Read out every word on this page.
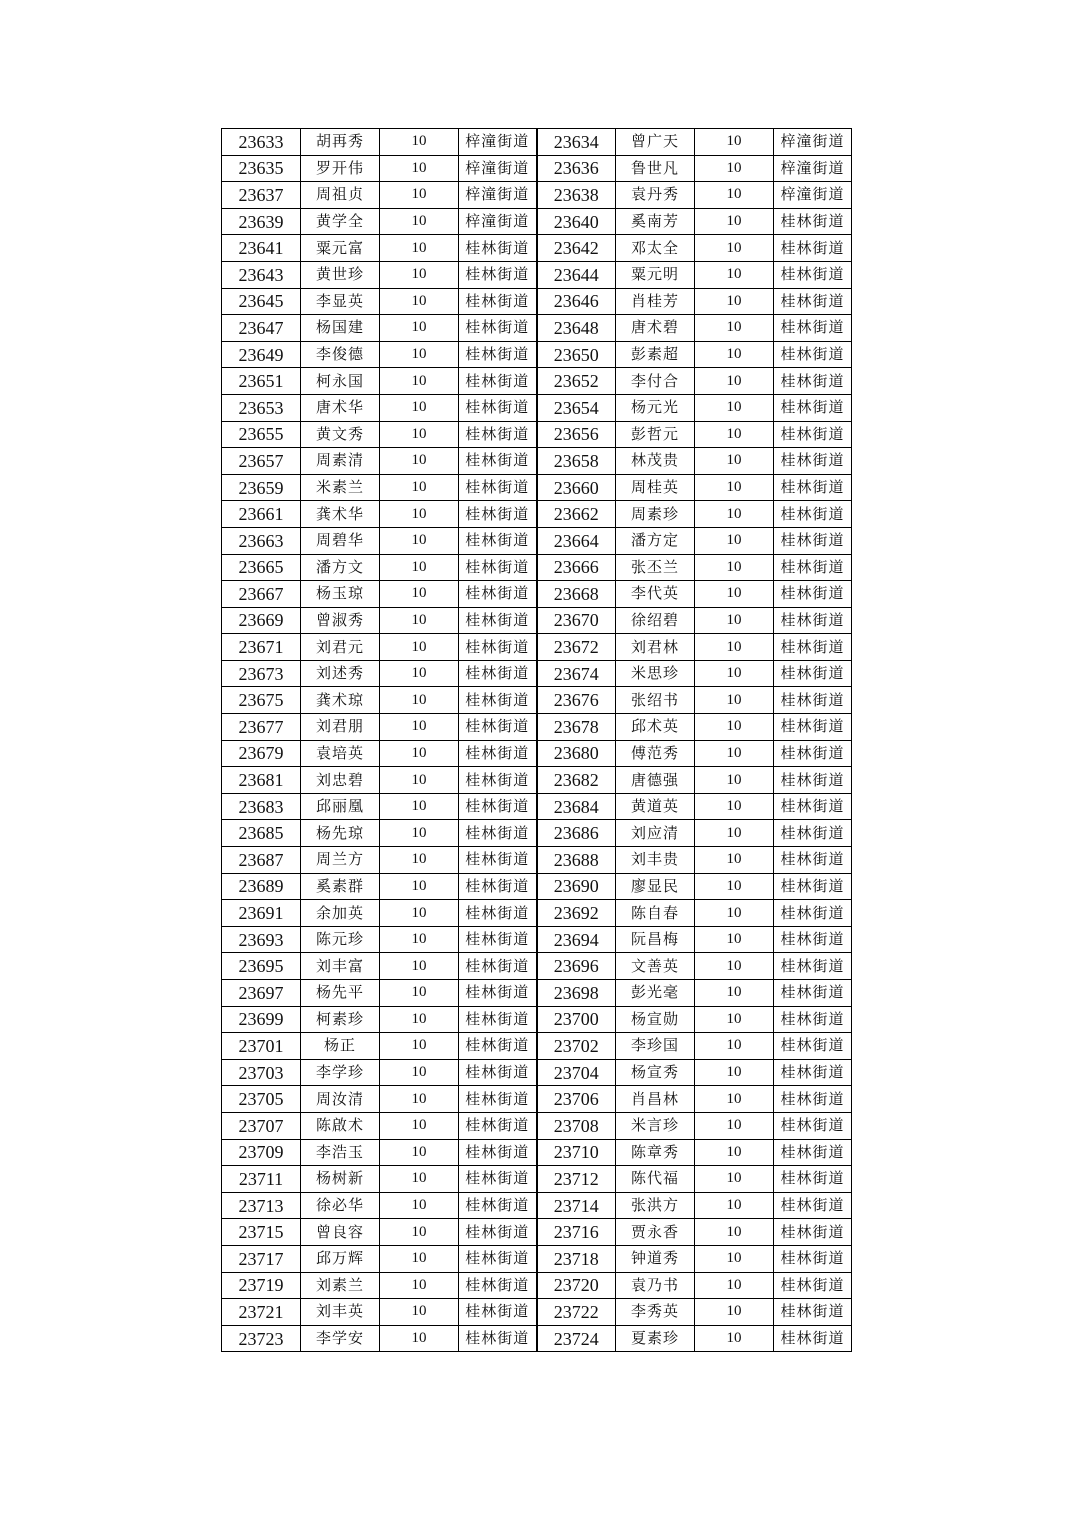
23633	胡再秀	10	梓潼街道	23634	曾广天	10	梓潼街道
23635	罗开伟	10	梓潼街道	23636	鲁世凡	10	梓潼街道
23637	周祖贞	10	梓潼街道	23638	袁丹秀	10	梓潼街道
23639	黄学全	10	梓潼街道	23640	奚南芳	10	桂林街道
23641	粟元富	10	桂林街道	23642	邓太全	10	桂林街道
23643	黄世珍	10	桂林街道	23644	粟元明	10	桂林街道
23645	李显英	10	桂林街道	23646	肖桂芳	10	桂林街道
23647	杨国建	10	桂林街道	23648	唐术碧	10	桂林街道
23649	李俊德	10	桂林街道	23650	彭素超	10	桂林街道
23651	柯永国	10	桂林街道	23652	李付合	10	桂林街道
23653	唐术华	10	桂林街道	23654	杨元光	10	桂林街道
23655	黄文秀	10	桂林街道	23656	彭哲元	10	桂林街道
23657	周素清	10	桂林街道	23658	林茂贵	10	桂林街道
23659	米素兰	10	桂林街道	23660	周桂英	10	桂林街道
23661	龚术华	10	桂林街道	23662	周素珍	10	桂林街道
23663	周碧华	10	桂林街道	23664	潘方定	10	桂林街道
23665	潘方文	10	桂林街道	23666	张丕兰	10	桂林街道
23667	杨玉琼	10	桂林街道	23668	李代英	10	桂林街道
23669	曾淑秀	10	桂林街道	23670	徐绍碧	10	桂林街道
23671	刘君元	10	桂林街道	23672	刘君林	10	桂林街道
23673	刘述秀	10	桂林街道	23674	米思珍	10	桂林街道
23675	龚术琼	10	桂林街道	23676	张绍书	10	桂林街道
23677	刘君朋	10	桂林街道	23678	邱术英	10	桂林街道
23679	袁培英	10	桂林街道	23680	傅范秀	10	桂林街道
23681	刘忠碧	10	桂林街道	23682	唐德强	10	桂林街道
23683	邱丽凰	10	桂林街道	23684	黄道英	10	桂林街道
23685	杨先琼	10	桂林街道	23686	刘应清	10	桂林街道
23687	周兰方	10	桂林街道	23688	刘丰贵	10	桂林街道
23689	奚素群	10	桂林街道	23690	廖显民	10	桂林街道
23691	余加英	10	桂林街道	23692	陈自春	10	桂林街道
23693	陈元珍	10	桂林街道	23694	阮昌梅	10	桂林街道
23695	刘丰富	10	桂林街道	23696	文善英	10	桂林街道
23697	杨先平	10	桂林街道	23698	彭光毫	10	桂林街道
23699	柯素珍	10	桂林街道	23700	杨宣勋	10	桂林街道
23701	杨正	10	桂林街道	23702	李珍国	10	桂林街道
23703	李学珍	10	桂林街道	23704	杨宣秀	10	桂林街道
23705	周汝清	10	桂林街道	23706	肖昌林	10	桂林街道
23707	陈啟术	10	桂林街道	23708	米言珍	10	桂林街道
23709	李浩玉	10	桂林街道	23710	陈章秀	10	桂林街道
23711	杨树新	10	桂林街道	23712	陈代福	10	桂林街道
23713	徐必华	10	桂林街道	23714	张洪方	10	桂林街道
23715	曾良容	10	桂林街道	23716	贾永香	10	桂林街道
23717	邱万辉	10	桂林街道	23718	钟道秀	10	桂林街道
23719	刘素兰	10	桂林街道	23720	袁乃书	10	桂林街道
23721	刘丰英	10	桂林街道	23722	李秀英	10	桂林街道
23723	李学安	10	桂林街道	23724	夏素珍	10	桂林街道
